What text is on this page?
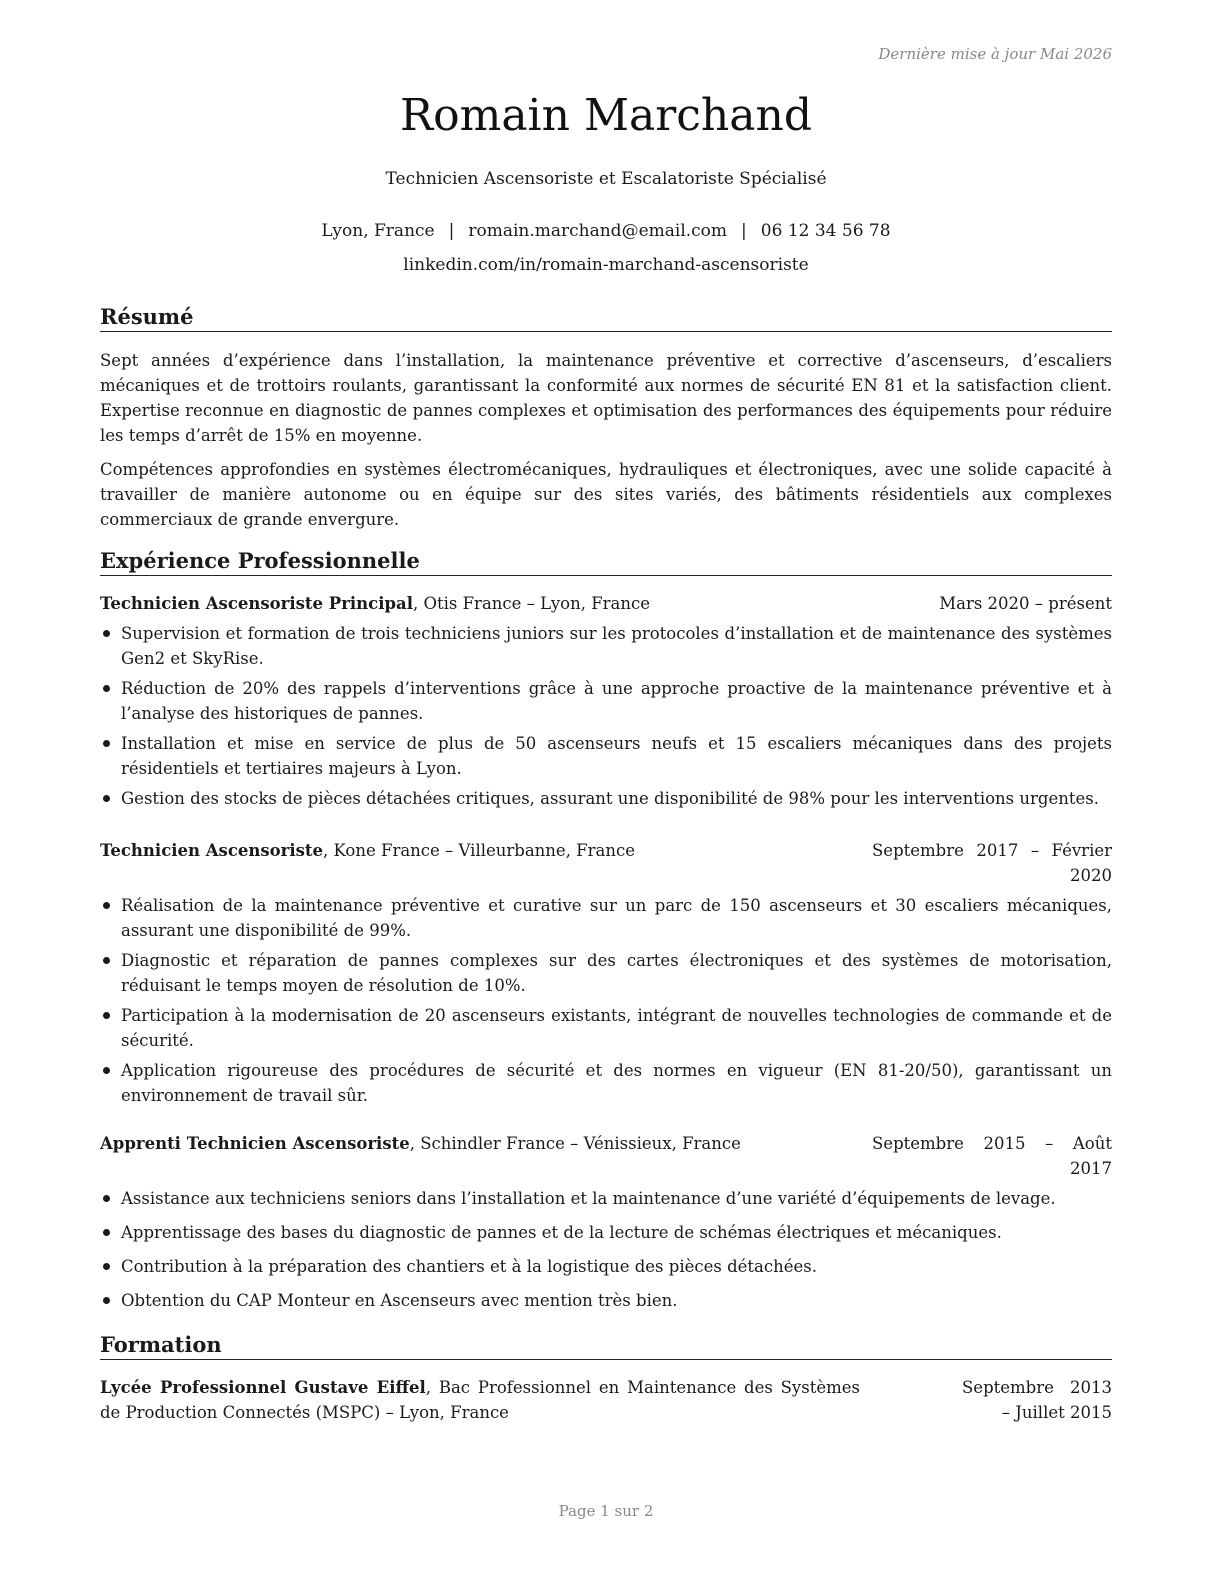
Dernière mise à jour Mai 2026
Romain Marchand
Technicien Ascensoriste et Escalatoriste Spécialisé
Lyon, France | romain.marchand@email.com | 06 12 34 56 78
linkedin.com/in/romain-marchand-ascensoriste
Résumé
Sept années d’expérience dans l’installation, la maintenance préventive et corrective d’ascenseurs, d’escaliers mécaniques et de trottoirs roulants, garantissant la conformité aux normes de sécurité EN 81 et la satisfaction client. Expertise reconnue en diagnostic de pannes complexes et optimisation des performances des équipements pour réduire les temps d’arrêt de 15% en moyenne.
Compétences approfondies en systèmes électromécaniques, hydrauliques et électroniques, avec une solide capacité à travailler de manière autonome ou en équipe sur des sites variés, des bâtiments résidentiels aux complexes commerciaux de grande envergure.
Expérience Professionnelle
Technicien Ascensoriste Principal, Otis France – Lyon, France	Mars 2020 – présent
Supervision et formation de trois techniciens juniors sur les protocoles d’installation et de maintenance des systèmes Gen2 et SkyRise.
Réduction de 20% des rappels d’interventions grâce à une approche proactive de la maintenance préventive et à l’analyse des historiques de pannes.
Installation et mise en service de plus de 50 ascenseurs neufs et 15 escaliers mécaniques dans des projets résidentiels et tertiaires majeurs à Lyon.
Gestion des stocks de pièces détachées critiques, assurant une disponibilité de 98% pour les interventions urgentes.
Technicien Ascensoriste, Kone France – Villeurbanne, France	Septembre 2017 – Février 2020
Réalisation de la maintenance préventive et curative sur un parc de 150 ascenseurs et 30 escaliers mécaniques, assurant une disponibilité de 99%.
Diagnostic et réparation de pannes complexes sur des cartes électroniques et des systèmes de motorisation, réduisant le temps moyen de résolution de 10%.
Participation à la modernisation de 20 ascenseurs existants, intégrant de nouvelles technologies de commande et de sécurité.
Application rigoureuse des procédures de sécurité et des normes en vigueur (EN 81-20/50), garantissant un environnement de travail sûr.
Apprenti Technicien Ascensoriste, Schindler France – Vénissieux, France	Septembre 2015 – Août 2017
Assistance aux techniciens seniors dans l’installation et la maintenance d’une variété d’équipements de levage.
Apprentissage des bases du diagnostic de pannes et de la lecture de schémas électriques et mécaniques.
Contribution à la préparation des chantiers et à la logistique des pièces détachées.
Obtention du CAP Monteur en Ascenseurs avec mention très bien.
Formation
Lycée Professionnel Gustave Eiffel, Bac Professionnel en Maintenance des Systèmes de Production Connectés (MSPC) – Lyon, France
Septembre 2013 – Juillet 2015
Page 1 sur 2
